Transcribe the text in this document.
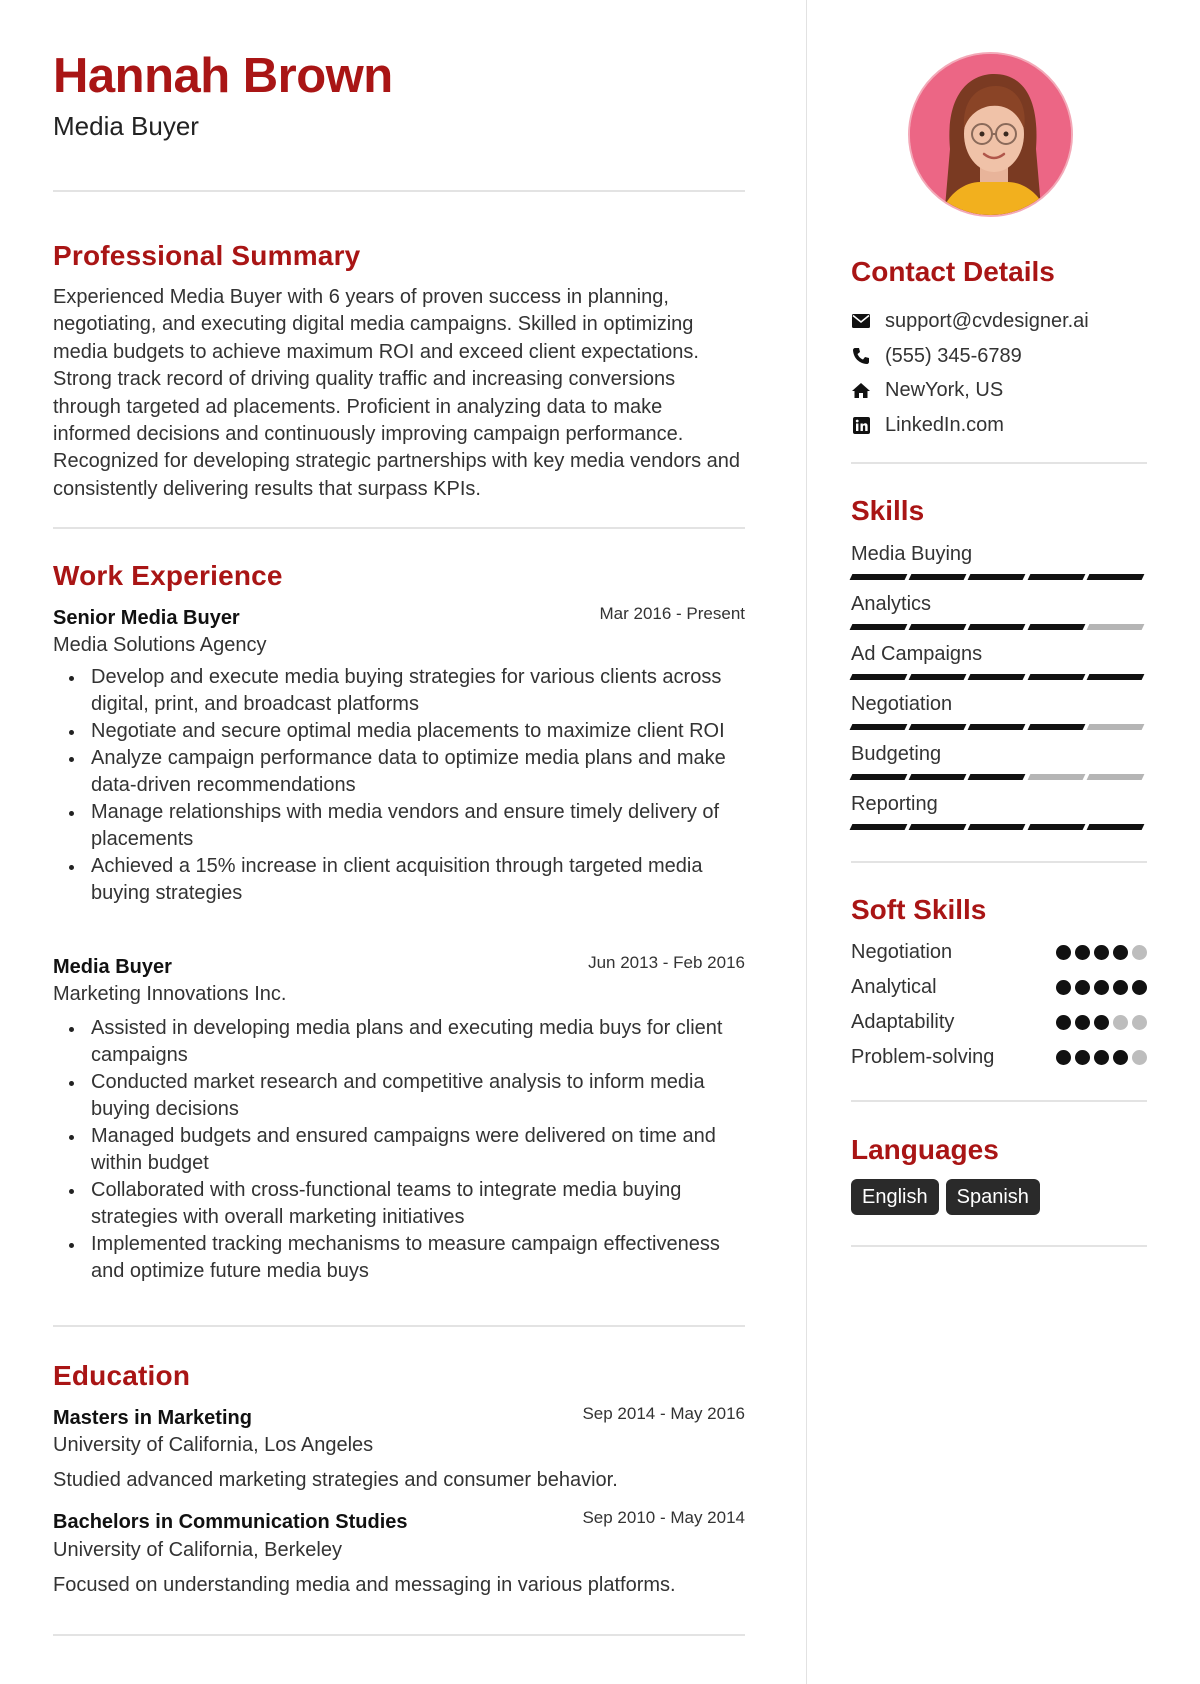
Hannah Brown
Media Buyer
Professional Summary

Experienced Media Buyer with 6 years of proven success in planning, negotiating, and executing digital media campaigns. Skilled in optimizing media budgets to achieve maximum ROI and exceed client expectations. Strong track record of driving quality traffic and increasing conversions through targeted ad placements. Proficient in analyzing data to make informed decisions and continuously improving campaign performance. Recognized for developing strategic partnerships with key media vendors and consistently delivering results that surpass KPIs.

Work Experience
Senior Media Buyer	Mar 2016 - Present
Media Solutions Agency
Develop and execute media buying strategies for various clients across digital, print, and broadcast platforms
Negotiate and secure optimal media placements to maximize client ROI
Analyze campaign performance data to optimize media plans and make data-driven recommendations
Manage relationships with media vendors and ensure timely delivery of placements
Achieved a 15% increase in client acquisition through targeted media buying strategies
Media Buyer	Jun 2013 - Feb 2016
Marketing Innovations Inc.
Assisted in developing media plans and executing media buys for client campaigns
Conducted market research and competitive analysis to inform media buying decisions
Managed budgets and ensured campaigns were delivered on time and within budget
Collaborated with cross-functional teams to integrate media buying strategies with overall marketing initiatives
Implemented tracking mechanisms to measure campaign effectiveness and optimize future media buys
Education
Masters in Marketing	Sep 2014 - May 2016
University of California, Los Angeles
Studied advanced marketing strategies and consumer behavior.
Bachelors in Communication Studies	Sep 2010 - May 2014
University of California, Berkeley
Focused on understanding media and messaging in various platforms.
Contact Details
support@cvdesigner.ai
(555) 345-6789
NewYork, US
LinkedIn.com
Skills
Media Buying
Analytics
Ad Campaigns
Negotiation
Budgeting
Reporting
Soft Skills
Negotiation
Analytical
Adaptability
Problem-solving
Languages
English	Spanish
